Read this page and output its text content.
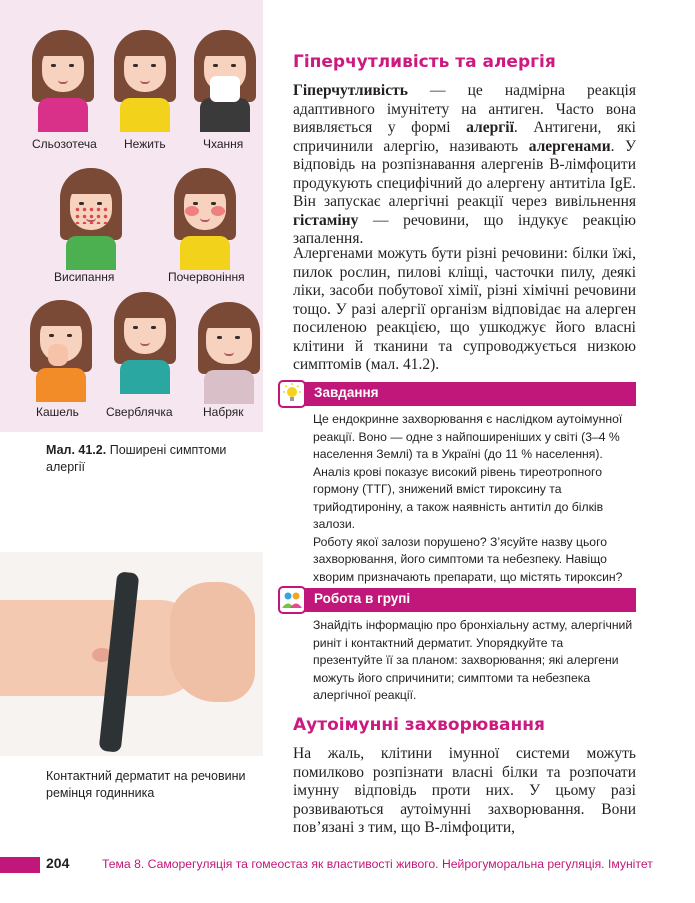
Сльозотеча Нежить	Чхання
Висипання	Почервоніння
Кашель Сверблячка	Набряк
Мал. 41.2. Поширені симптоми алергії
Контактний дерматит на речовини ремінця годинника
Гіперчутливість та алергія
Гіперчутливість — це надмірна реакція адаптивного імунітету на антиген. Часто вона виявляється у формі алергії. Антигени, які спричинили алергію, називають алергенами. У відповідь на розпізнавання алергенів В-лімфоцити продукують специфічний до алергену антитіла IgE. Він запускає алергічні реакції через вивільнення гістаміну — речовини, що індукує реакцію запалення.
Алергенами можуть бути різні речовини: білки їжі, пилок рослин, пилові кліщі, часточки пилу, деякі ліки, засоби побутової хімії, різні хімічні речовини тощо. У разі алергії організм відповідає на алерген посиленою реакцією, що ушкоджує його власні клітини й тканини та супроводжується низкою симптомів (мал. 41.2).
Завдання
Це ендокринне захворювання є наслідком аутоімунної реакції. Воно — одне з найпоширеніших у світі (3–4 % населення Землі) та в Україні (до 11 % населення). Аналіз крові показує високий рівень тиреотропного гормону (ТТГ), знижений вміст тироксину та трийодтироніну, а також наявність антитіл до білків залози.
Роботу якої залози порушено? З’ясуйте назву цього захворювання, його симптоми та небезпеку. Навіщо хворим призначають препарати, що містять тироксин?
Робота в групі
Знайдіть інформацію про бронхіальну астму, алергічний риніт і контактний дерматит. Упорядкуйте та презентуйте її за планом: захворювання; які алергени можуть його спричинити; симптоми та небезпека алергічної реакції.
Аутоімунні захворювання
На жаль, клітини імунної системи можуть помилково розпізнати власні білки та розпочати імунну відповідь проти них. У цьому разі розвиваються аутоімунні захворювання. Вони пов’язані з тим, що В-лімфоцити,
204	Тема 8. Саморегуляція та гомеостаз як властивості живого. Нейрогуморальна регуляція. Імунітет
